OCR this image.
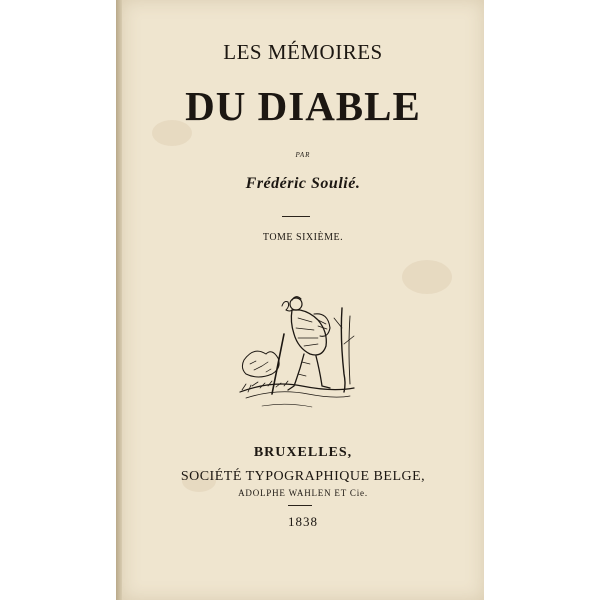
LES MÉMOIRES
DU DIABLE
PAR
Frédéric Soulié.
TOME SIXIÈME.
BRUXELLES,
SOCIÉTÉ TYPOGRAPHIQUE BELGE,
ADOLPHE WAHLEN ET Cie.
1838
